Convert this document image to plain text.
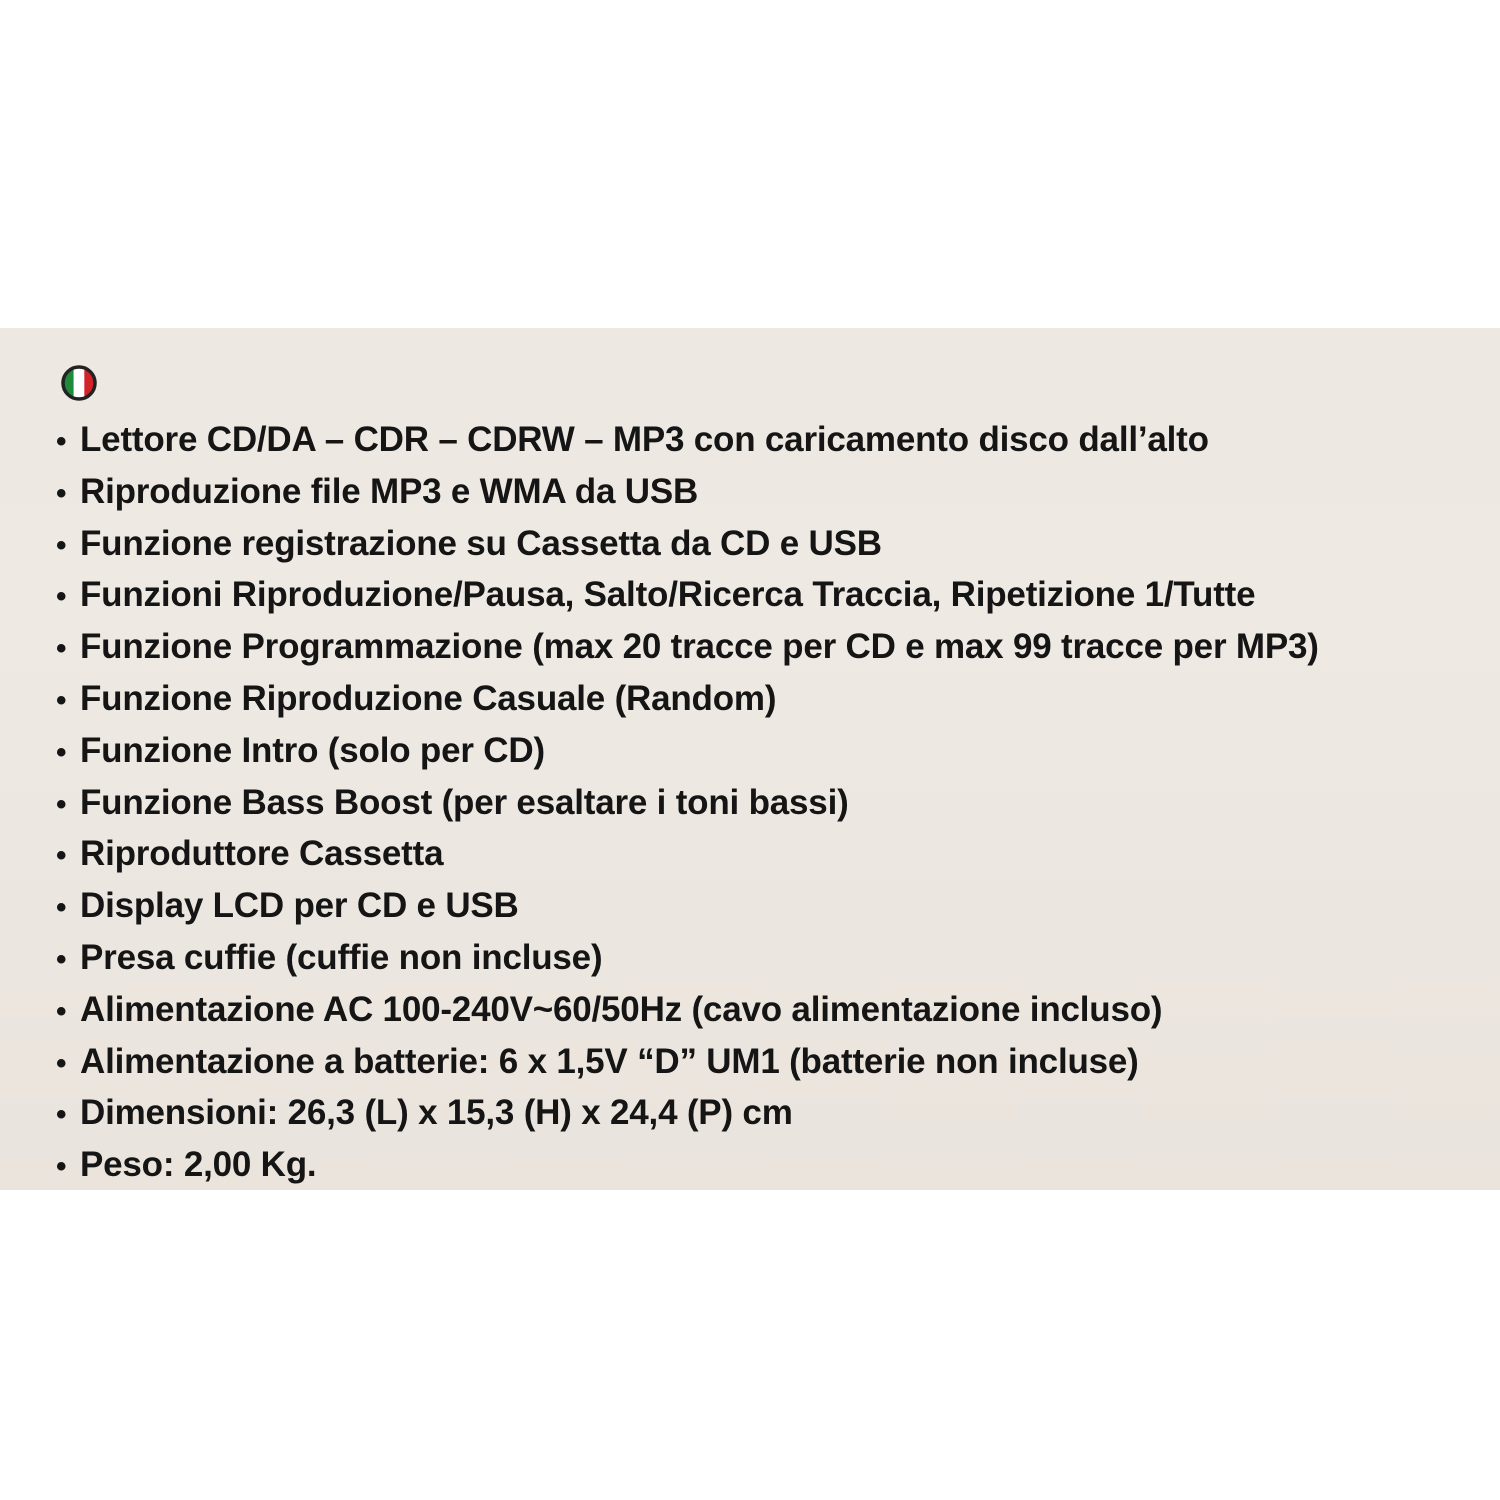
• Lettore CD/DA – CDR – CDRW – MP3 con caricamento disco dall’alto
• Riproduzione file MP3 e WMA da USB
• Funzione registrazione su Cassetta da CD e USB
• Funzioni Riproduzione/Pausa, Salto/Ricerca Traccia, Ripetizione 1/Tutte
• Funzione Programmazione (max 20 tracce per CD e max 99 tracce per MP3)
• Funzione Riproduzione Casuale (Random)
• Funzione Intro (solo per CD)
• Funzione Bass Boost (per esaltare i toni bassi)
• Riproduttore Cassetta
• Display LCD per CD e USB
• Presa cuffie (cuffie non incluse)
• Alimentazione AC 100-240V~60/50Hz (cavo alimentazione incluso)
• Alimentazione a batterie: 6 x 1,5V “D” UM1 (batterie non incluse)
• Dimensioni: 26,3 (L) x 15,3 (H) x 24,4 (P) cm
• Peso: 2,00 Kg.
